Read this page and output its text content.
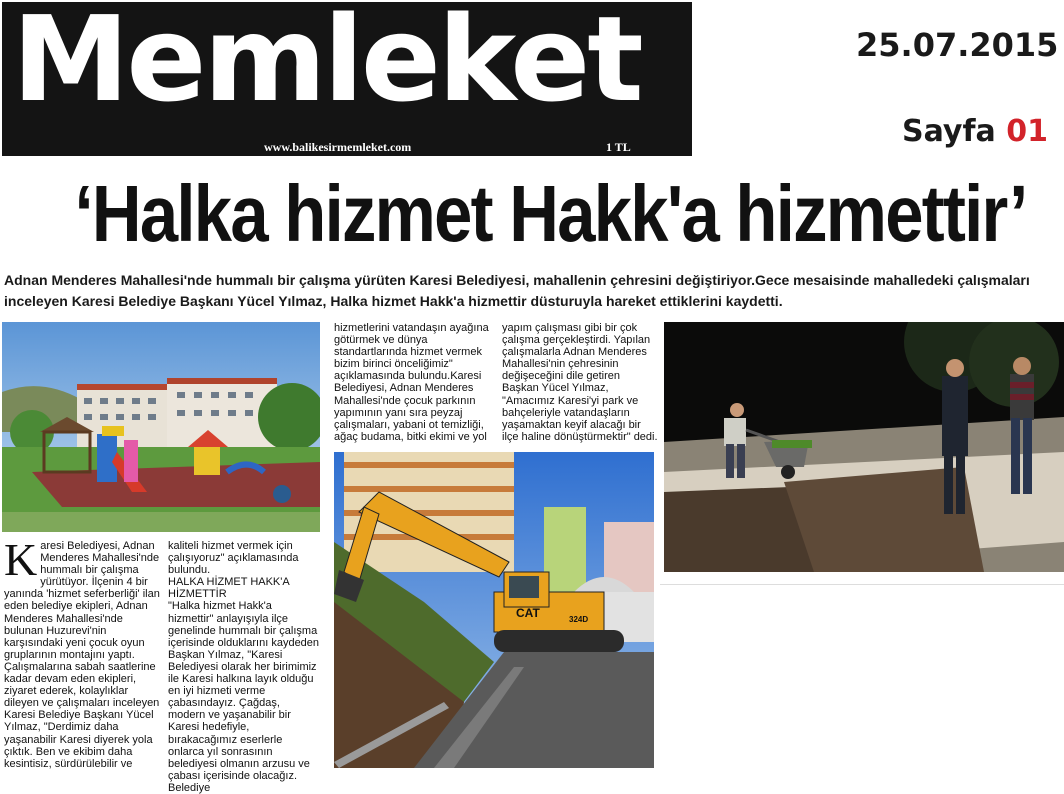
Memleket
www.balikesirmemleket.com	1 TL
25.07.2015
Sayfa 01
‘Halka hizmet Hakk'a hizmettir’
Adnan Menderes Mahallesi'nde hummalı bir çalışma yürüten Karesi Belediyesi, mahallenin çehresini değiştiriyor.Gece mesaisinde mahalledeki çalışmaları inceleyen Karesi Belediye Başkanı Yücel Yılmaz, Halka hizmet Hakk'a hizmettir düsturuyla hareket ettiklerini kaydetti.
CAT	324D
Karesi Belediyesi, Adnan Menderes Mahallesi'nde hummalı bir çalışma yürütüyor. İlçenin 4 bir yanında 'hizmet seferberliği' ilan eden belediye ekipleri, Adnan Menderes Mahallesi'nde bulunan Huzurevi'nin karşısındaki yeni çocuk oyun gruplarının montajını yaptı. Çalışmalarına sabah saatlerine kadar devam eden ekipleri, ziyaret ederek, kolaylıklar dileyen ve çalışmaları inceleyen Karesi Belediye Başkanı Yücel Yılmaz, "Derdimiz daha yaşanabilir Karesi diyerek yola çıktık. Ben ve ekibim daha kesintisiz, sürdürülebilir ve
kaliteli hizmet vermek için çalışıyoruz" açıklamasında bulundu.
HALKA HİZMET HAKK'A HİZMETTİR
"Halka hizmet Hakk'a hizmettir" anlayışıyla ilçe genelinde hummalı bir çalışma içerisinde olduklarını kaydeden Başkan Yılmaz, "Karesi Belediyesi olarak her birimimiz ile Karesi halkına layık olduğu en iyi hizmeti verme çabasındayız. Çağdaş, modern ve yaşanabilir bir Karesi hedefiyle, bırakacağımız eserlerle onlarca yıl sonrasının belediyesi olmanın arzusu ve çabası içerisinde olacağız. Belediye
hizmetlerini vatandaşın ayağına götürmek ve dünya standartlarında hizmet vermek bizim birinci önceliğimiz" açıklamasında bulundu.Karesi Belediyesi, Adnan Menderes Mahallesi'nde çocuk parkının yapımının yanı sıra peyzaj çalışmaları, yabani ot temizliği, ağaç budama, bitki ekimi ve yol
yapım çalışması gibi bir çok çalışma gerçekleştirdi. Yapılan çalışmalarla Adnan Menderes Mahallesi'nin çehresinin değişeceğini dile getiren Başkan Yücel Yılmaz, "Amacımız Karesi'yi park ve bahçeleriyle vatandaşların yaşamaktan keyif alacağı bir ilçe haline dönüştürmektir" dedi.
